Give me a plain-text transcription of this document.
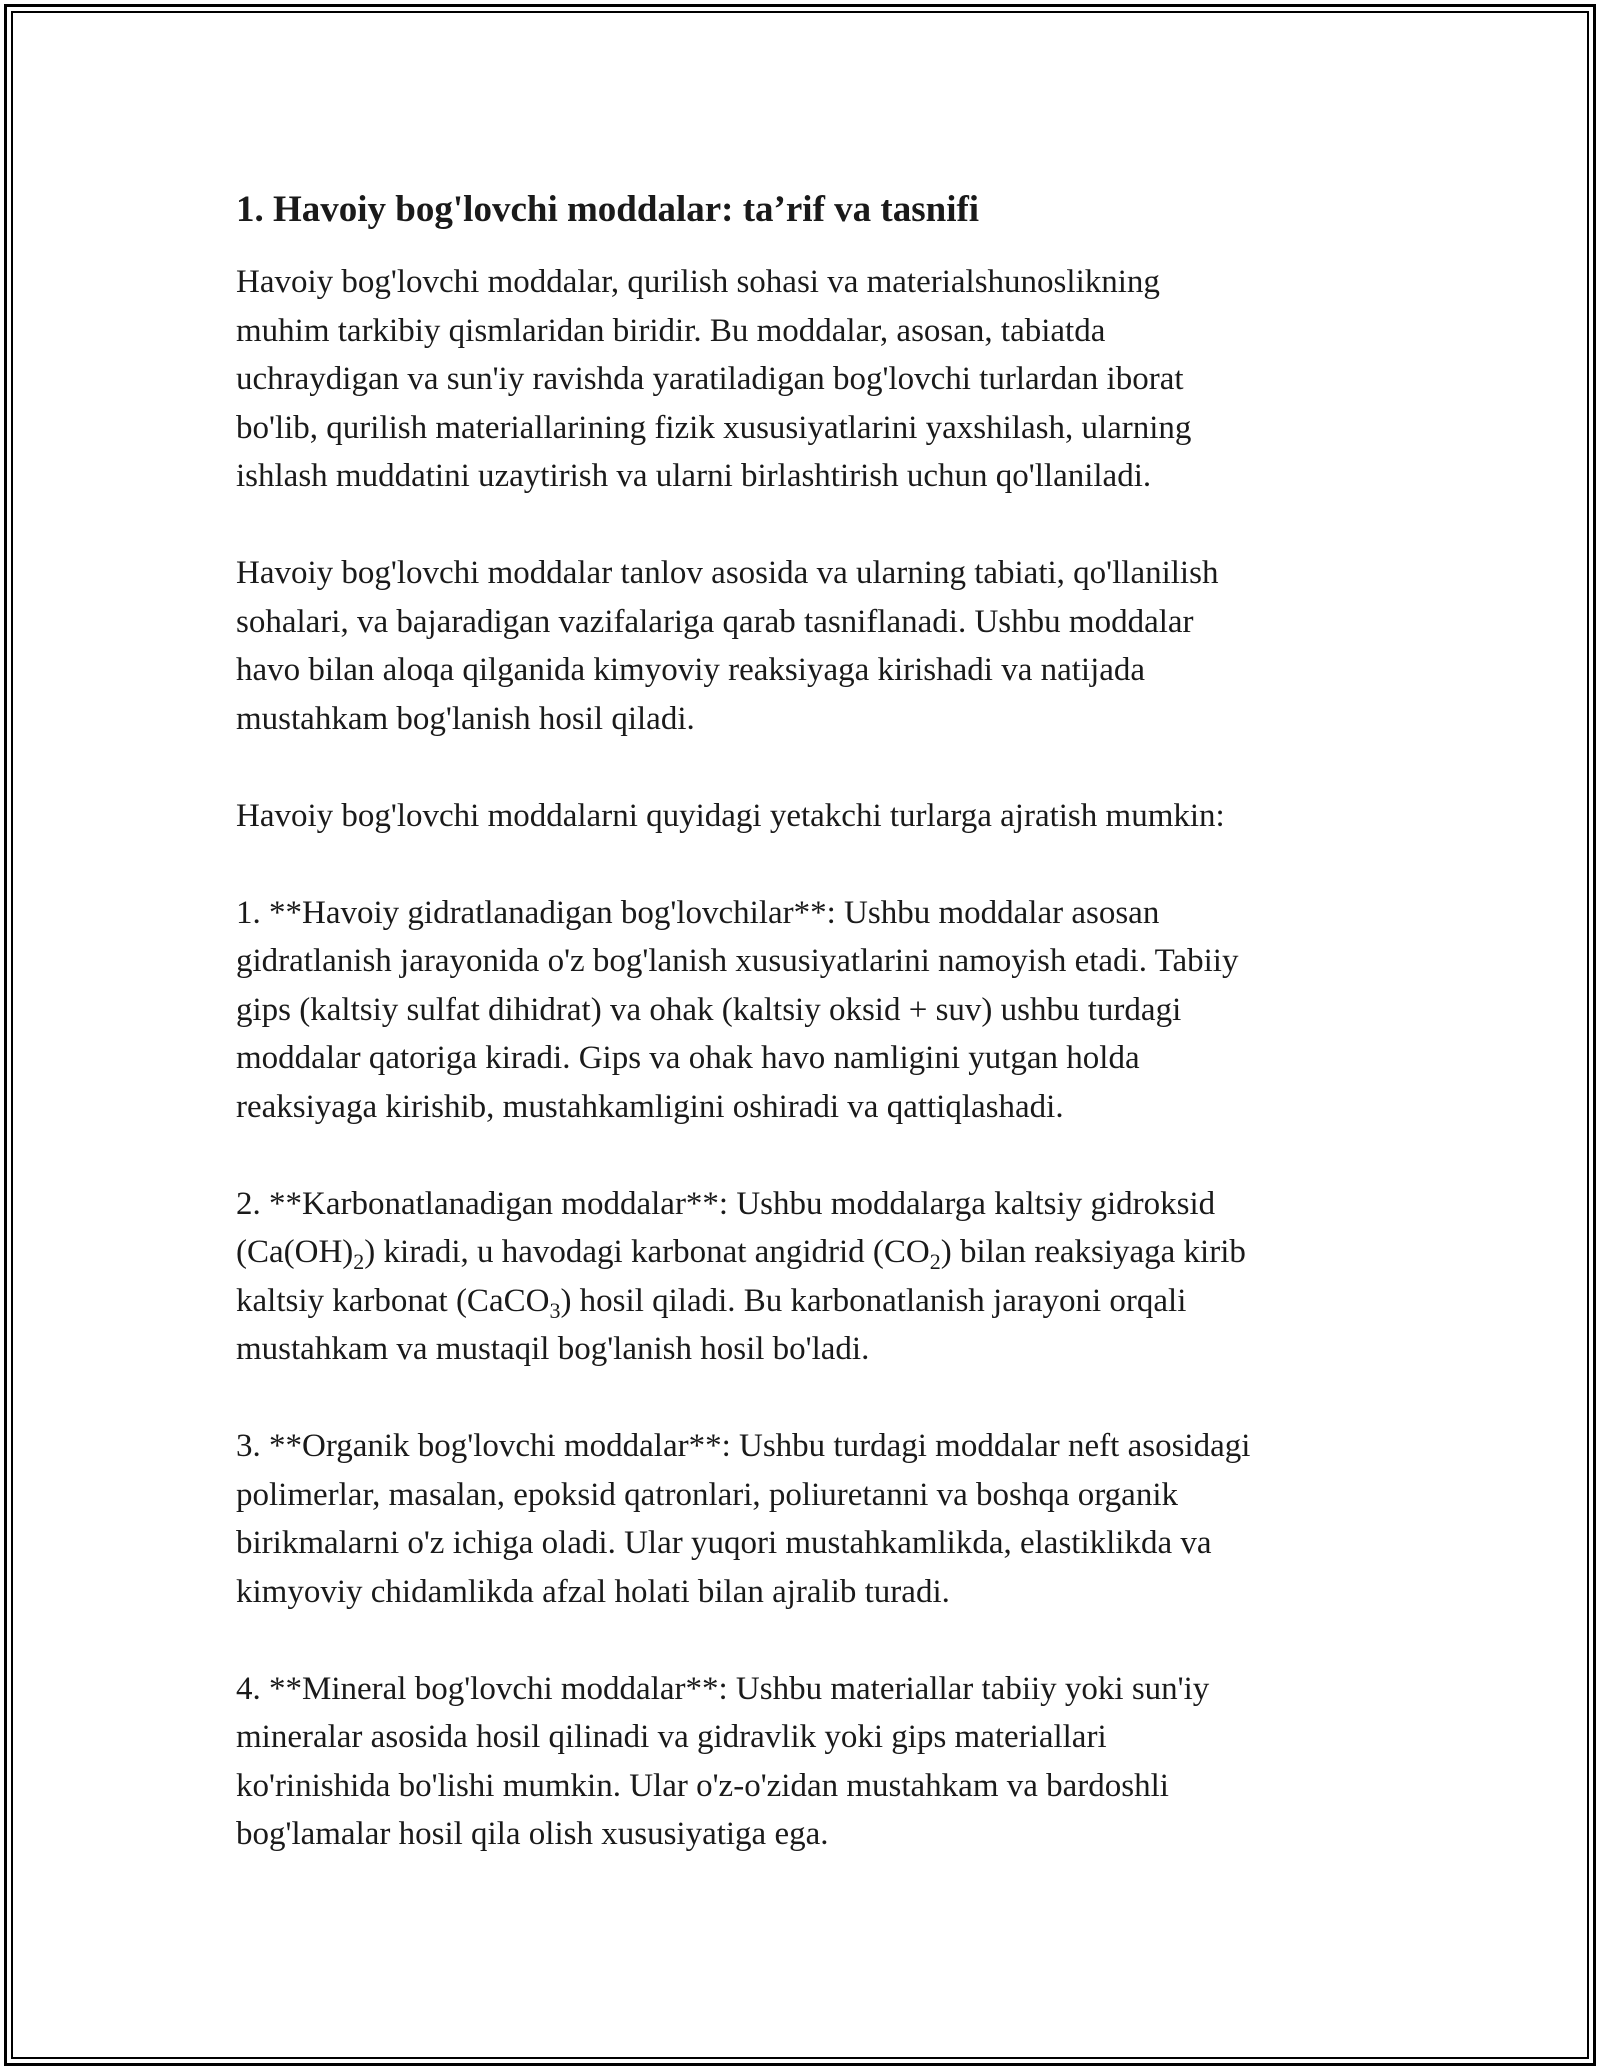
1. Havoiy bog'lovchi moddalar: ta’rif va tasnifi

Havoiy bog'lovchi moddalar, qurilish sohasi va materialshunoslikning
muhim tarkibiy qismlaridan biridir. Bu moddalar, asosan, tabiatda
uchraydigan va sun'iy ravishda yaratiladigan bog'lovchi turlardan iborat
bo'lib, qurilish materiallarining fizik xususiyatlarini yaxshilash, ularning
ishlash muddatini uzaytirish va ularni birlashtirish uchun qo'llaniladi.

Havoiy bog'lovchi moddalar tanlov asosida va ularning tabiati, qo'llanilish
sohalari, va bajaradigan vazifalariga qarab tasniflanadi. Ushbu moddalar
havo bilan aloqa qilganida kimyoviy reaksiyaga kirishadi va natijada
mustahkam bog'lanish hosil qiladi.

Havoiy bog'lovchi moddalarni quyidagi yetakchi turlarga ajratish mumkin:

1. **Havoiy gidratlanadigan bog'lovchilar**: Ushbu moddalar asosan
gidratlanish jarayonida o'z bog'lanish xususiyatlarini namoyish etadi. Tabiiy
gips (kaltsiy sulfat dihidrat) va ohak (kaltsiy oksid + suv) ushbu turdagi
moddalar qatoriga kiradi. Gips va ohak havo namligini yutgan holda
reaksiyaga kirishib, mustahkamligini oshiradi va qattiqlashadi.

2. **Karbonatlanadigan moddalar**: Ushbu moddalarga kaltsiy gidroksid
$(Ca(OH)_2)$ kiradi, u havodagi karbonat angidrid $(CO_2)$ bilan reaksiyaga kirib
kaltsiy karbonat (CaCO$_3$) hosil qiladi. Bu karbonatlanish jarayoni orqali
mustahkam va mustaqil bog'lanish hosil bo'ladi.

3. **Organik bog'lovchi moddalar**: Ushbu turdagi moddalar neft asosidagi
polimerlar, masalan, epoksid qatronlari, poliuretanni va boshqa organik
birikmalarni o'z ichiga oladi. Ular yuqori mustahkamlikda, elastiklikda va
kimyoviy chidamlikda afzal holati bilan ajralib turadi.

4. **Mineral bog'lovchi moddalar**: Ushbu materiallar tabiiy yoki sun'iy
mineralar asosida hosil qilinadi va gidravlik yoki gips materiallari
ko'rinishida bo'lishi mumkin. Ular o'z-o'zidan mustahkam va bardoshli
bog'lamalar hosil qila olish xususiyatiga ega.
